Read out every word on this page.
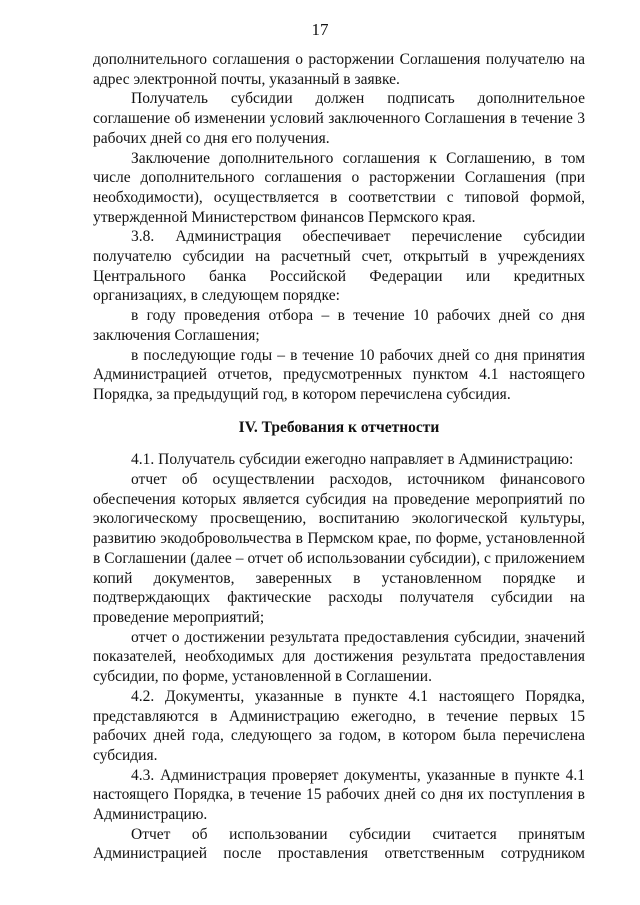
17

дополнительного соглашения о расторжении Соглашения получателю на адрес электронной почты, указанный в заявке.

Получатель субсидии должен подписать дополнительное соглашение об изменении условий заключенного Соглашения в течение 3 рабочих дней со дня его получения.

Заключение дополнительного соглашения к Соглашению, в том числе дополнительного соглашения о расторжении Соглашения (при необходимости), осуществляется в соответствии с типовой формой, утвержденной Министерством финансов Пермского края.

3.8. Администрация обеспечивает перечисление субсидии получателю субсидии на расчетный счет, открытый в учреждениях Центрального банка Российской Федерации или кредитных организациях, в следующем порядке:

в году проведения отбора – в течение 10 рабочих дней со дня заключения Соглашения;

в последующие годы – в течение 10 рабочих дней со дня принятия Администрацией отчетов, предусмотренных пунктом 4.1 настоящего Порядка, за предыдущий год, в котором перечислена субсидия.

IV. Требования к отчетности

4.1. Получатель субсидии ежегодно направляет в Администрацию:

отчет об осуществлении расходов, источником финансового обеспечения которых является субсидия на проведение мероприятий по экологическому просвещению, воспитанию экологической культуры, развитию экодобровольчества в Пермском крае, по форме, установленной в Соглашении (далее – отчет об использовании субсидии), с приложением копий документов, заверенных в установленном порядке и подтверждающих фактические расходы получателя субсидии на проведение мероприятий;

отчет о достижении результата предоставления субсидии, значений показателей, необходимых для достижения результата предоставления субсидии, по форме, установленной в Соглашении.

4.2. Документы, указанные в пункте 4.1 настоящего Порядка, представляются в Администрацию ежегодно, в течение первых 15 рабочих дней года, следующего за годом, в котором была перечислена субсидия.

4.3. Администрация проверяет документы, указанные в пункте 4.1 настоящего Порядка, в течение 15 рабочих дней со дня их поступления в Администрацию.

Отчет об использовании субсидии считается принятым Администрацией после проставления ответственным сотрудником
